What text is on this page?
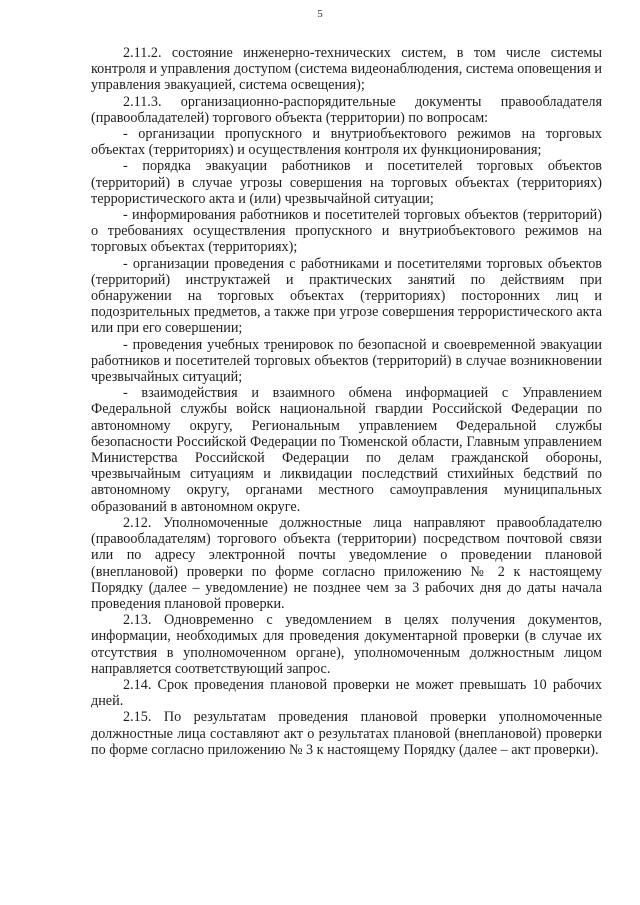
5

2.11.2. состояние инженерно-технических систем, в том числе системы контроля и управления доступом (система видеонаблюдения, система оповещения и управления эвакуацией, система освещения);

2.11.3. организационно-распорядительные документы правообладателя (правообладателей) торгового объекта (территории) по вопросам:

- организации пропускного и внутриобъектового режимов на торговых объектах (территориях) и осуществления контроля их функционирования;

- порядка эвакуации работников и посетителей торговых объектов (территорий) в случае угрозы совершения на торговых объектах (территориях) террористического акта и (или) чрезвычайной ситуации;

- информирования работников и посетителей торговых объектов (территорий) о требованиях осуществления пропускного и внутриобъектового режимов на торговых объектах (территориях);

- организации проведения с работниками и посетителями торговых объектов (территорий) инструктажей и практических занятий по действиям при обнаружении на торговых объектах (территориях) посторонних лиц и подозрительных предметов, а также при угрозе совершения террористического акта или при его совершении;

- проведения учебных тренировок по безопасной и своевременной эвакуации работников и посетителей торговых объектов (территорий) в случае возникновении чрезвычайных ситуаций;

- взаимодействия и взаимного обмена информацией с Управлением Федеральной службы войск национальной гвардии Российской Федерации по автономному округу, Региональным управлением Федеральной службы безопасности Российской Федерации по Тюменской области, Главным управлением Министерства Российской Федерации по делам гражданской обороны, чрезвычайным ситуациям и ликвидации последствий стихийных бедствий по автономному округу, органами местного самоуправления муниципальных образований в автономном округе.

2.12. Уполномоченные должностные лица направляют правообладателю (правообладателям) торгового объекта (территории) посредством почтовой связи или по адресу электронной почты уведомление о проведении плановой (внеплановой) проверки по форме согласно приложению № 2 к настоящему Порядку (далее – уведомление) не позднее чем за 3 рабочих дня до даты начала проведения плановой проверки.

2.13. Одновременно с уведомлением в целях получения документов, информации, необходимых для проведения документарной проверки (в случае их отсутствия в уполномоченном органе), уполномоченным должностным лицом направляется соответствующий запрос.

2.14. Срок проведения плановой проверки не может превышать 10 рабочих дней.

2.15. По результатам проведения плановой проверки уполномоченные должностные лица составляют акт о результатах плановой (внеплановой) проверки по форме согласно приложению № 3 к настоящему Порядку (далее – акт проверки).
